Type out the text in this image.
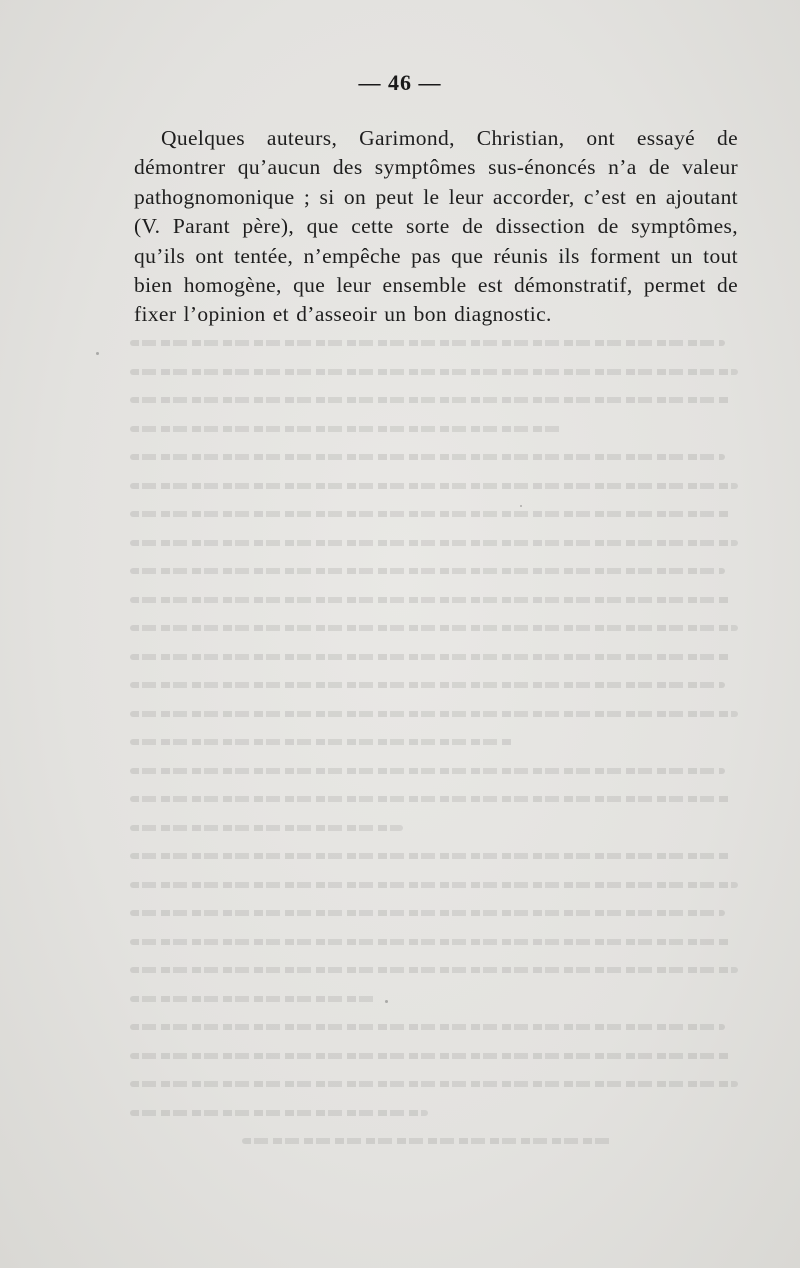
— 46 —

Quelques auteurs, Garimond, Christian, ont essayé de démontrer qu’aucun des symptômes sus-énoncés n’a de valeur pathognomonique ; si on peut le leur accorder, c’est en ajoutant (V. Parant père), que cette sorte de dissection de symptômes, qu’ils ont tentée, n’empêche pas que réunis ils forment un tout bien homogène, que leur ensemble est démonstratif, permet de fixer l’opinion et d’asseoir un bon diagnostic.
